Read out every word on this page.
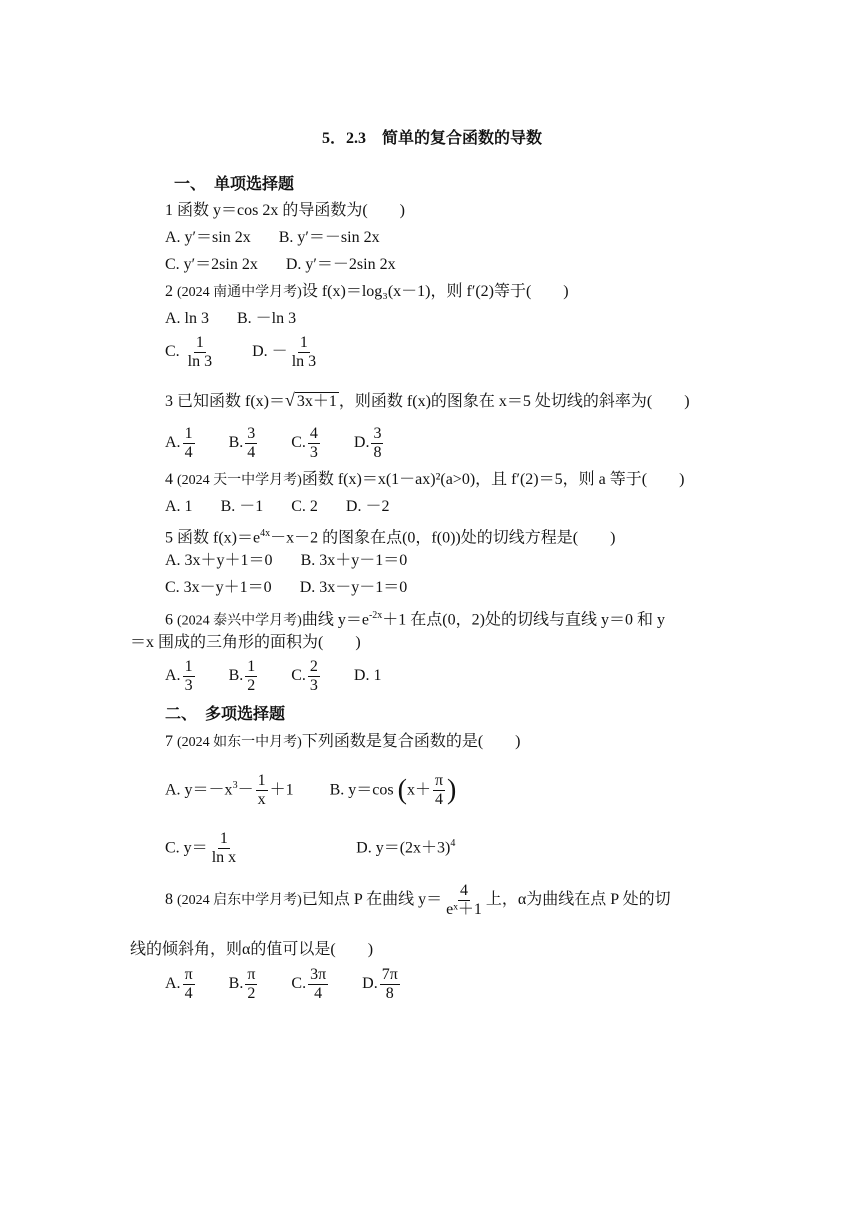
5．2.3　简单的复合函数的导数
一、　单项选择题
1 函数 y＝cos 2x 的导函数为(　　)
A. y′＝sin 2x B. y′＝－sin 2x
C. y′＝2sin 2x D. y′＝－2sin 2x
2 (2024 南通中学月考)设 f(x)＝log₃(x－1)，则 f′(2)等于(　　)
A. ln 3 B. －ln 3
C. $\frac{1}{\ln 3} D$. － $\frac{1}{\ln 3}$
3 已知函数 f(x)＝√ 3x＋1 ，则函数 f(x)的图象在 x＝5 处切线的斜率为(　　)
A. $\frac{1}{4} B$. $\frac{3}{4} C$. $\frac{4}{3} D$. $\frac{3}{8}$
4 (2024 天一中学月考)函数 f(x)＝x(1－ax)²(a>0)，且 f′(2)＝5，则 a 等于(　　)
A. 1 B. －1 C. 2 D. －2
5 函数 $f(x)=e^{4x}-x-2$ 的图象在点(0，f(0))处的切线方程是(　　)
A. 3x＋y＋1＝0 B. 3x＋y－1＝0
C. 3x－y＋1＝0 D. 3x－y－1＝0
6 (2024 泰兴中学月考)曲线 $y=e^{-2x}+1$ 在点(0，2)处的切线与直线 y＝0 和 y
＝x 围成的三角形的面积为(　　)
A. $\frac{1}{3} B$. $\frac{1}{2} C$. $\frac{2}{3} D$. 1
二、　多项选择题
7 (2024 如东一中月考)下列函数是复合函数的是(　　)
A. $y=-x^3- \frac{1}{x} +1$ B. y＝cos ($x+ \frac{\pi}{4}$ )
C. $y= \frac{1}{\text{ln x}}$	D. $y=(2x+3)^4$
8 (2024 启东中学月考)已知点 P 在曲线 $y= \frac{4}{\text{eˣ＋1}}$ 上，α为曲线在点 P 处的切
线的倾斜角，则α的值可以是(　　)
A. $\frac{\pi}{4} B$. $\frac{\pi}{2} C$. $\frac{3\pi}{4} D$. $\frac{7\pi}{8}$
